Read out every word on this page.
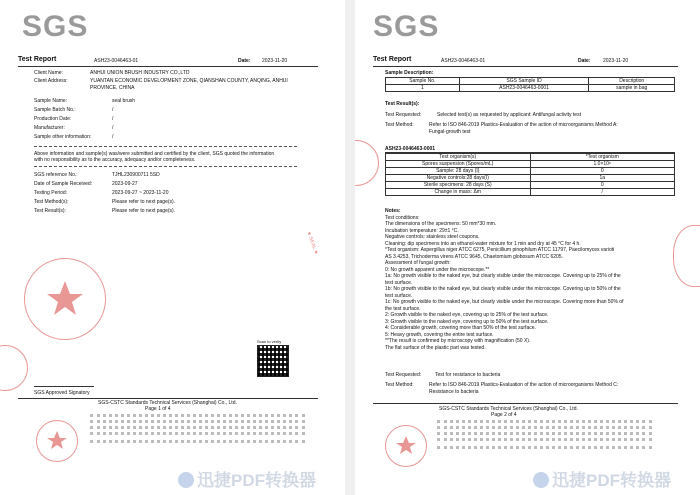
SGS
Test Report	ASH23-0046463-01	Date: 2023-11-20
Client Name:	ANHUI UNION BRUSH INDUSTRY CO.,LTD
Client Address:	YUANTAN ECONOMIC DEVELOPMENT ZONE, QIANSHAN COUNTY, ANQING, ANHUI
PROVINCE, CHINA
Sample Name:	seal brush
Sample Batch No.:	/
Production Date:	/
Manufacturer:	/
Sample other information:	/
Above information and sample(s) was/were submitted and certified by the client, SGS quoted the information
with no responsibility as to the accuracy, adequacy and/or completeness.
SGS reference No.:	TJHL230900711 5SD
Date of Sample Received:	2023-09-27
Testing Period:	2023-09-27 ~ 2023-11-20
Test Method(s):	Please refer to next page(s).
Test Result(s):	Please refer to next page(s).
★ SEAL ★
Scan to verify
SGS Approved Signatory
SGS-CSTC Standards Technical Services (Shanghai) Co., Ltd.
Page 1 of 4
迅捷PDF转换器
SGS
Test Report	ASH23-0046463-01	Date: 2023-11-20
Sample Description:
Sample No.	SGS Sample ID	Description
1	ASH23-0046463-0001	sample in bag
Test Result(s):
Test Requested:	Selected test(s) as requested by applicant: Antifungal activity test
Test Method:	Refer to ISO 846-2019 Plastics-Evaluation of the action of microorganisms Method A:
Fungal-growth test
ASH23-0046463-0001
Test organism(s)	*Test organism
Spores suspension (Spores/mL)	1.0×10⁶
Sample: 28 days (I)	0
Negative controls:28 days(I)	1a
Sterile specimens: 28 days (S)	0
Change in mass: Δm	/
Notes:
Test conditions:
The dimensions of the specimens: 50 mm*30 mm.
Incubation temperature: 29±1 °C.
Negative controls: stainless steel coupons.
Cleaning: dip specimens into an ethanol-water mixture for 1 min and dry at 45 °C for 4 h.
*Test organism: Aspergillus niger ATCC 6275, Penicillium pinophilum ATCC 11797, Paecilomyces varioti
AS 3.4253, Trichoderma virens ATCC 9645, Chaetomium globosum ATCC 6205.
Assessment of fungal growth:
0: No growth apparent under the microscope.**
1a: No growth visible to the naked eye, but clearly visible under the microscope. Covering up to 25% of the
test surface.
1b: No growth visible to the naked eye, but clearly visible under the microscope. Covering up to 50% of the
test surface.
1c: No growth visible to the naked eye, but clearly visible under the microscope. Covering more than 50% of
the test surface.
2: Growth visible to the naked eye, covering up to 25% of the test surface.
3: Growth visible to the naked eye, covering up to 50% of the test surface.
4: Considerable growth, covering more than 50% of the test surface.
5: Heavy growth, covering the entire test surface.
**The result is confirmed by microscopy with magnification (50 X).
The flat surface of the plastic part was tested.
Test Requested:	Test for resistance to bacteria
Test Method:	Refer to ISO 846-2019 Plastics-Evaluation of the action of microorganisms Method C:
Resistance to bacteria
SGS-CSTC Standards Technical Services (Shanghai) Co., Ltd.
Page 2 of 4
迅捷PDF转换器
